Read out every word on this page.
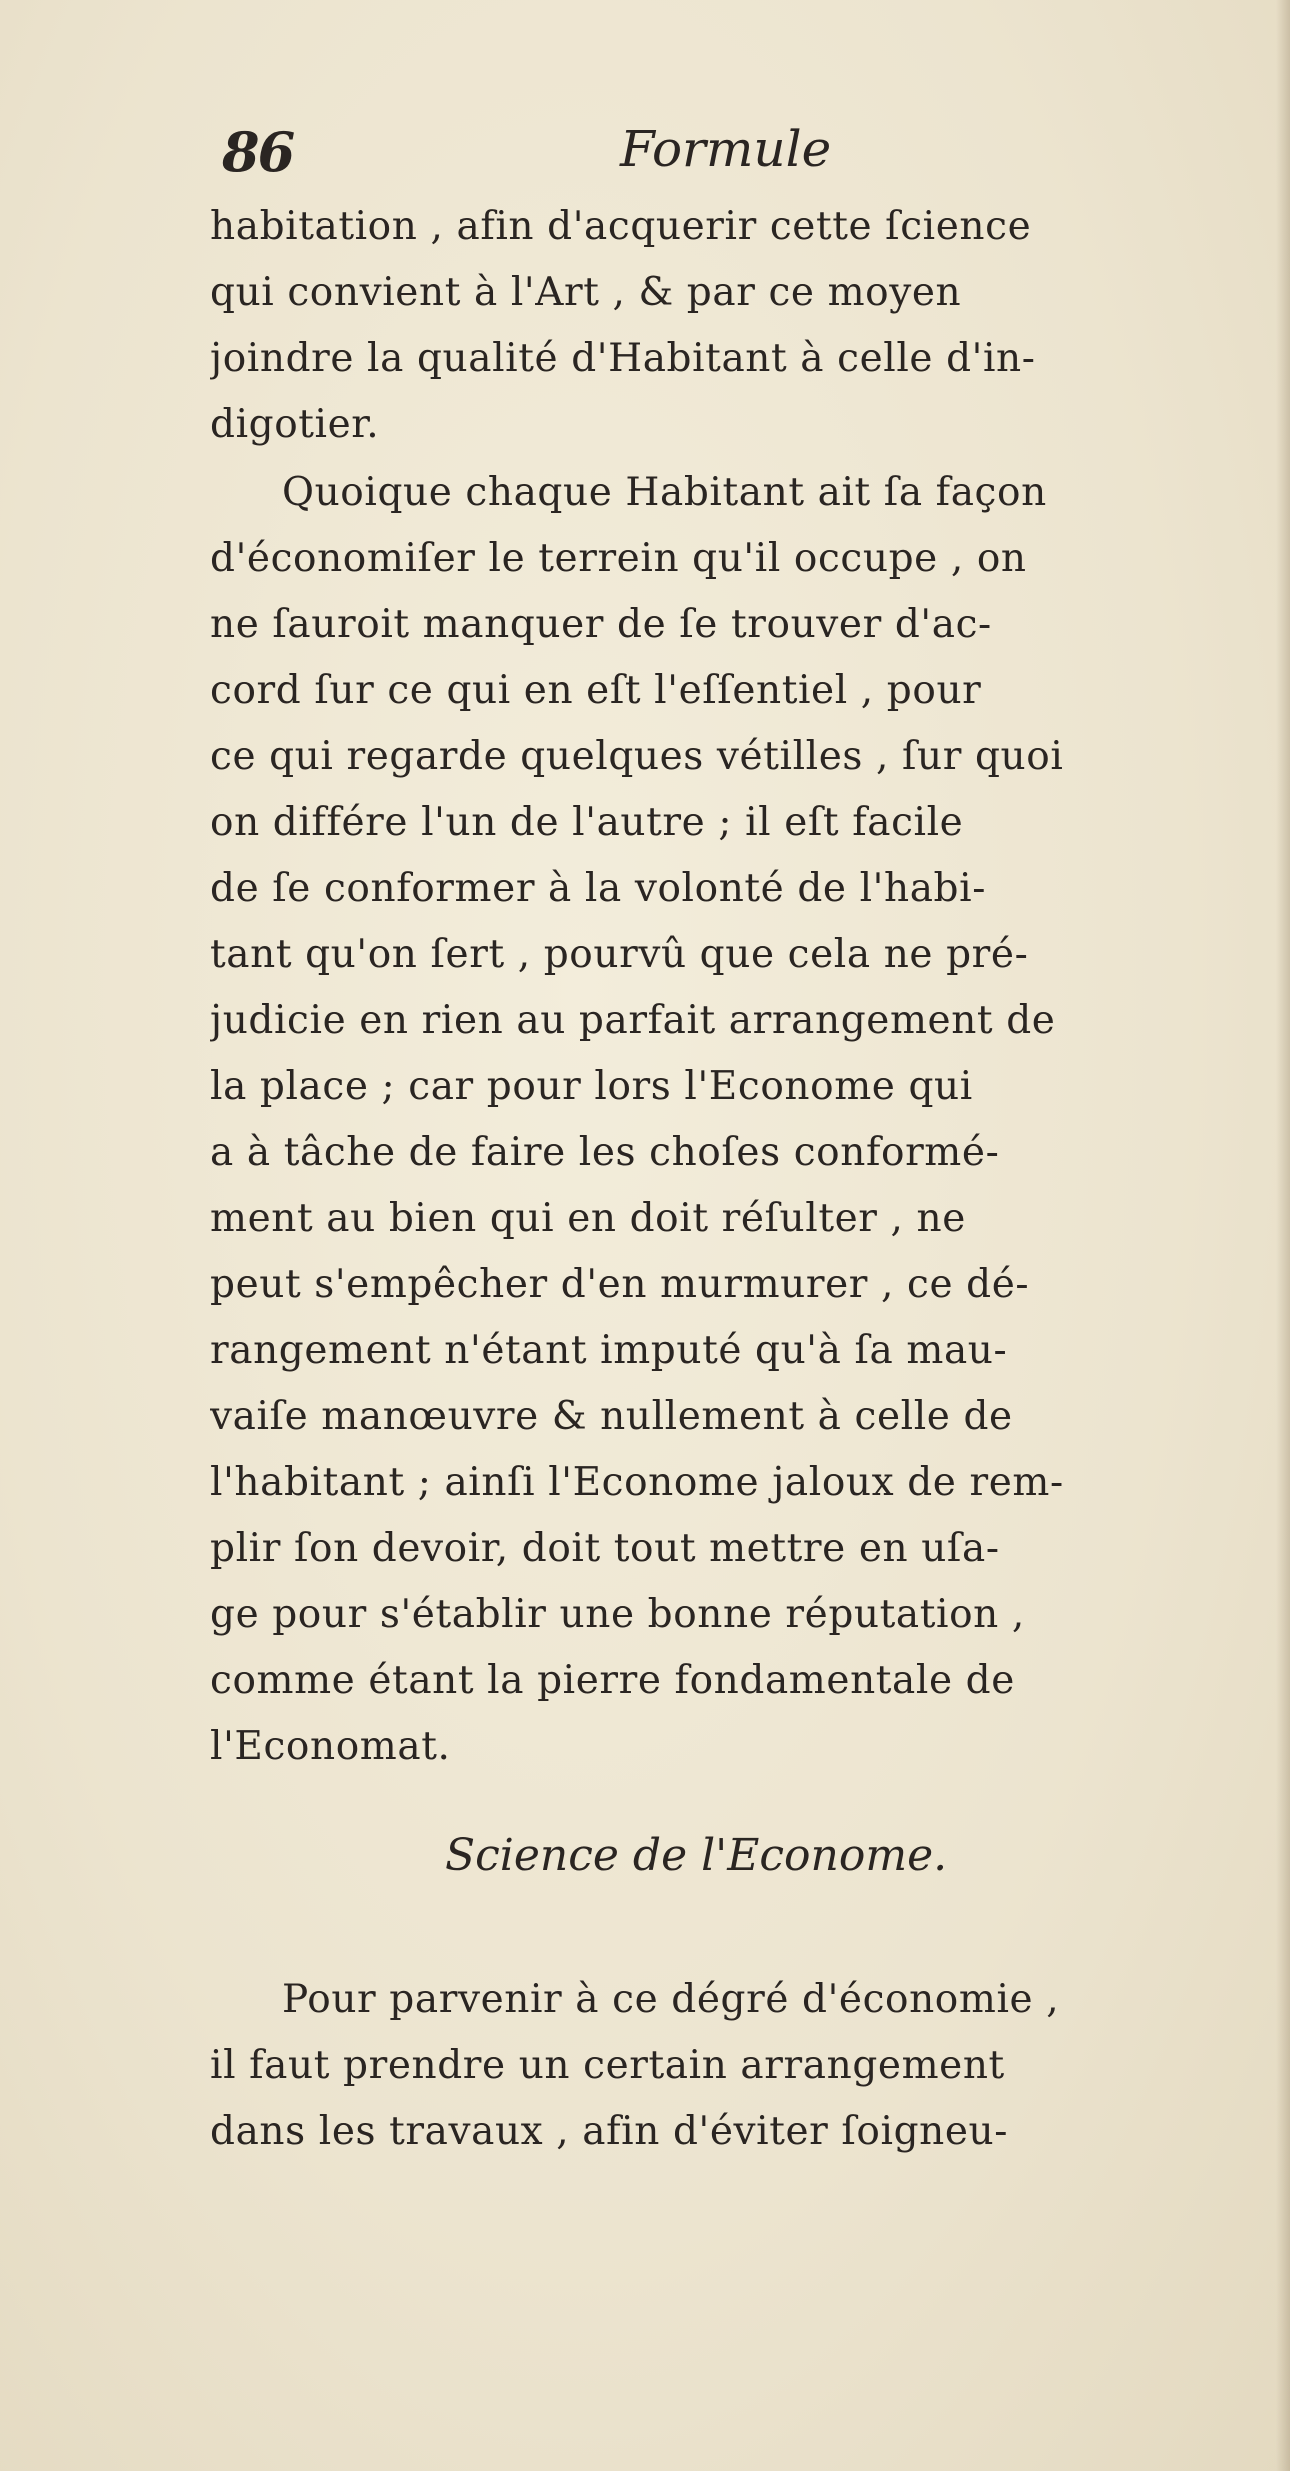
86	Formule
habitation , afin d'acquerir cette ſcience
qui convient à l'Art , & par ce moyen
joindre la qualité d'Habitant à celle d'in-
digotier.
Quoique chaque Habitant ait ſa façon
d'économiſer le terrein qu'il occupe , on
ne ſauroit manquer de ſe trouver d'ac-
cord ſur ce qui en eſt l'eſſentiel , pour
ce qui regarde quelques vétilles , ſur quoi
on différe l'un de l'autre ; il eſt facile
de ſe conformer à la volonté de l'habi-
tant qu'on ſert , pourvû que cela ne pré-
judicie en rien au parfait arrangement de
la place ; car pour lors l'Econome qui
a à tâche de faire les choſes conformé-
ment au bien qui en doit réſulter , ne
peut s'empêcher d'en murmurer , ce dé-
rangement n'étant imputé qu'à ſa mau-
vaiſe manœuvre & nullement à celle de
l'habitant ; ainſi l'Econome jaloux de rem-
plir ſon devoir, doit tout mettre en uſa-
ge pour s'établir une bonne réputation ,
comme étant la pierre fondamentale de
l'Economat.
Science de l'Econome.
Pour parvenir à ce dégré d'économie ,
il faut prendre un certain arrangement
dans les travaux , afin d'éviter ſoigneu-
